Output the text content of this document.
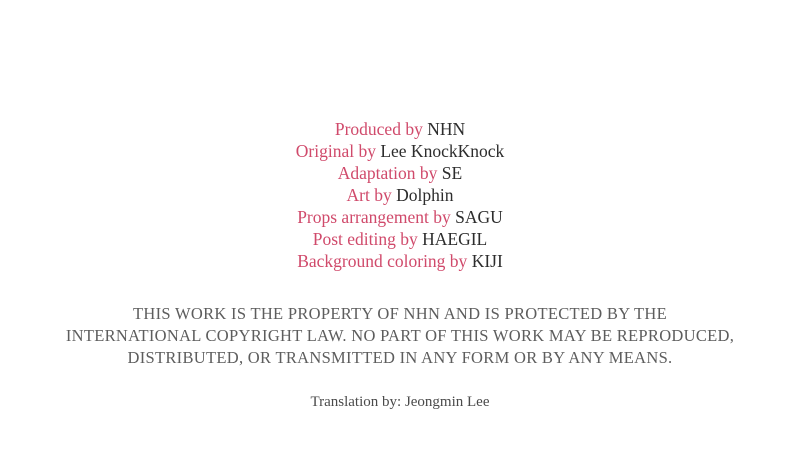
Produced by NHN

Original by Lee KnockKnock

Adaptation by SE

Art by Dolphin

Props arrangement by SAGU

Post editing by HAEGIL

Background coloring by KIJI

THIS WORK IS THE PROPERTY OF NHN AND IS PROTECTED BY THE

INTERNATIONAL COPYRIGHT LAW. NO PART OF THIS WORK MAY BE REPRODUCED,

DISTRIBUTED, OR TRANSMITTED IN ANY FORM OR BY ANY MEANS.

Translation by: Jeongmin Lee
